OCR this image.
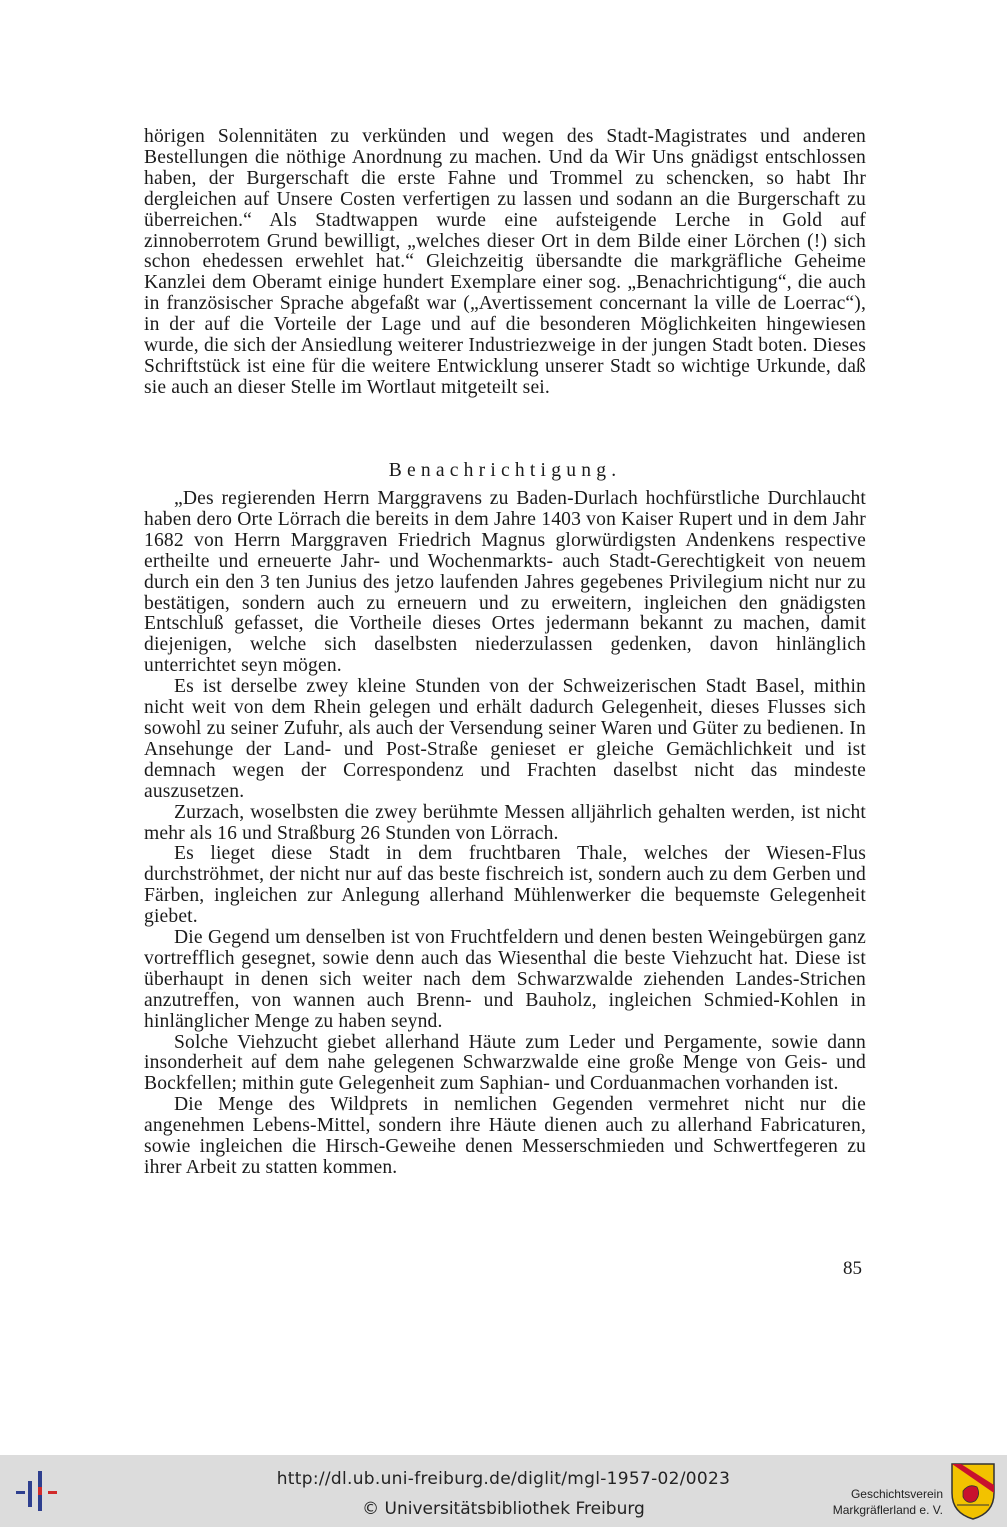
hörigen Solennitäten zu verkünden und wegen des Stadt-Magistrates und anderen Bestellungen die nöthige Anordnung zu machen. Und da Wir Uns gnädigst entschlossen haben, der Burgerschaft die erste Fahne und Trommel zu schencken, so habt Ihr dergleichen auf Unsere Costen verfertigen zu lassen und sodann an die Burgerschaft zu überreichen.“ Als Stadtwappen wurde eine aufsteigende Lerche in Gold auf zinnoberrotem Grund bewilligt, „welches dieser Ort in dem Bilde einer Lörchen (!) sich schon ehedessen erwehlet hat.“ Gleichzeitig übersandte die markgräfliche Geheime Kanzlei dem Oberamt einige hundert Exemplare einer sog. „Benachrichtigung“, die auch in französischer Sprache abgefaßt war („Avertissement concernant la ville de Loerrac“), in der auf die Vorteile der Lage und auf die besonderen Möglichkeiten hingewiesen wurde, die sich der Ansiedlung weiterer Industriezweige in der jungen Stadt boten. Dieses Schriftstück ist eine für die weitere Entwicklung unserer Stadt so wichtige Urkunde, daß sie auch an dieser Stelle im Wortlaut mitgeteilt sei.

Benachrichtigung.

„Des regierenden Herrn Marggravens zu Baden-Durlach hochfürstliche Durchlaucht haben dero Orte Lörrach die bereits in dem Jahre 1403 von Kaiser Rupert und in dem Jahr 1682 von Herrn Marggraven Friedrich Magnus glorwürdigsten Andenkens respective ertheilte und erneuerte Jahr- und Wochenmarkts- auch Stadt-Gerechtigkeit von neuem durch ein den 3 ten Junius des jetzo laufenden Jahres gegebenes Privilegium nicht nur zu bestätigen, sondern auch zu erneuern und zu erweitern, ingleichen den gnädigsten Entschluß gefasset, die Vortheile dieses Ortes jedermann bekannt zu machen, damit diejenigen, welche sich daselbsten niederzulassen gedenken, davon hinlänglich unterrichtet seyn mögen.

Es ist derselbe zwey kleine Stunden von der Schweizerischen Stadt Basel, mithin nicht weit von dem Rhein gelegen und erhält dadurch Gelegenheit, dieses Flusses sich sowohl zu seiner Zufuhr, als auch der Versendung seiner Waren und Güter zu bedienen. In Ansehunge der Land- und Post-Straße genieset er gleiche Gemächlichkeit und ist demnach wegen der Correspondenz und Frachten daselbst nicht das mindeste auszusetzen.

Zurzach, woselbsten die zwey berühmte Messen alljährlich gehalten werden, ist nicht mehr als 16 und Straßburg 26 Stunden von Lörrach.

Es lieget diese Stadt in dem fruchtbaren Thale, welches der Wiesen-Flus durchströhmet, der nicht nur auf das beste fischreich ist, sondern auch zu dem Gerben und Färben, ingleichen zur Anlegung allerhand Mühlenwerker die bequemste Gelegenheit giebet.

Die Gegend um denselben ist von Fruchtfeldern und denen besten Weingebürgen ganz vortrefflich gesegnet, sowie denn auch das Wiesenthal die beste Viehzucht hat. Diese ist überhaupt in denen sich weiter nach dem Schwarzwalde ziehenden Landes-Strichen anzutreffen, von wannen auch Brenn- und Bauholz, ingleichen Schmied-Kohlen in hinlänglicher Menge zu haben seynd.

Solche Viehzucht giebet allerhand Häute zum Leder und Pergamente, sowie dann insonderheit auf dem nahe gelegenen Schwarzwalde eine große Menge von Geis- und Bockfellen; mithin gute Gelegenheit zum Saphian- und Corduanmachen vorhanden ist.

Die Menge des Wildprets in nemlichen Gegenden vermehret nicht nur die angenehmen Lebens-Mittel, sondern ihre Häute dienen auch zu allerhand Fabricaturen, sowie ingleichen die Hirsch-Geweihe denen Messerschmieden und Schwertfegeren zu ihrer Arbeit zu statten kommen.

85
http://dl.ub.uni-freiburg.de/diglit/mgl-1957-02/0023
© Universitätsbibliothek Freiburg
Geschichtsverein
Markgräflerland e. V.
